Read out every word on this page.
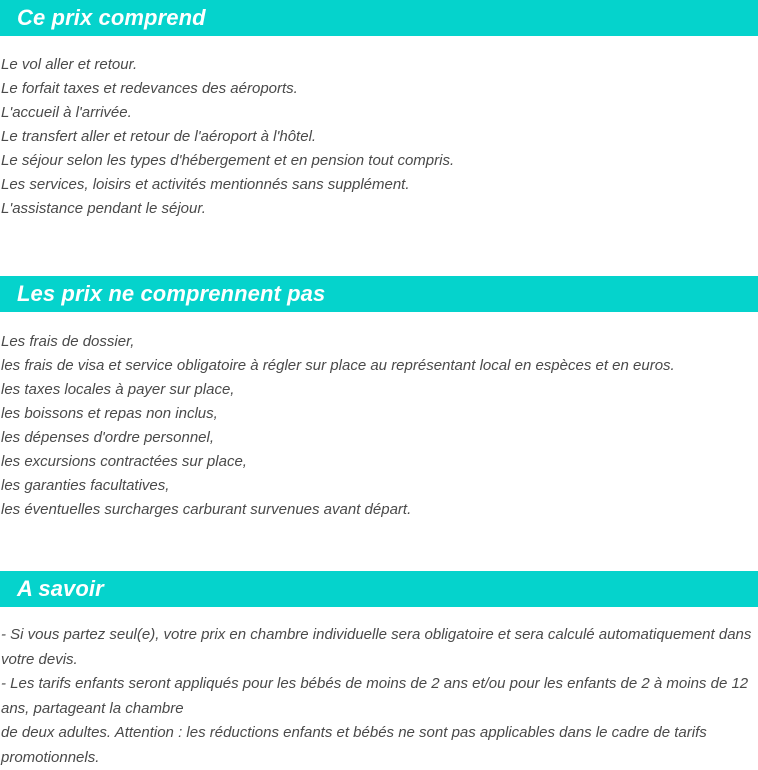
Ce prix comprend
Le vol aller et retour.
Le forfait taxes et redevances des aéroports.
L'accueil à l'arrivée.
Le transfert aller et retour de l'aéroport à l'hôtel.
Le séjour selon les types d'hébergement et en pension tout compris.
Les services, loisirs et activités mentionnés sans supplément.
L'assistance pendant le séjour.
Les prix ne comprennent pas
Les frais de dossier,
les frais de visa et service obligatoire à régler sur place au représentant local en espèces et en euros.
les taxes locales à payer sur place,
les boissons et repas non inclus,
les dépenses d'ordre personnel,
les excursions contractées sur place,
les garanties facultatives,
les éventuelles surcharges carburant survenues avant départ.
A savoir
- Si vous partez seul(e), votre prix en chambre individuelle sera obligatoire et sera calculé automatiquement dans votre devis.
- Les tarifs enfants seront appliqués pour les bébés de moins de 2 ans et/ou pour les enfants de 2 à moins de 12 ans, partageant la chambre
de deux adultes. Attention : les réductions enfants et bébés ne sont pas applicables dans le cadre de tarifs promotionnels.
